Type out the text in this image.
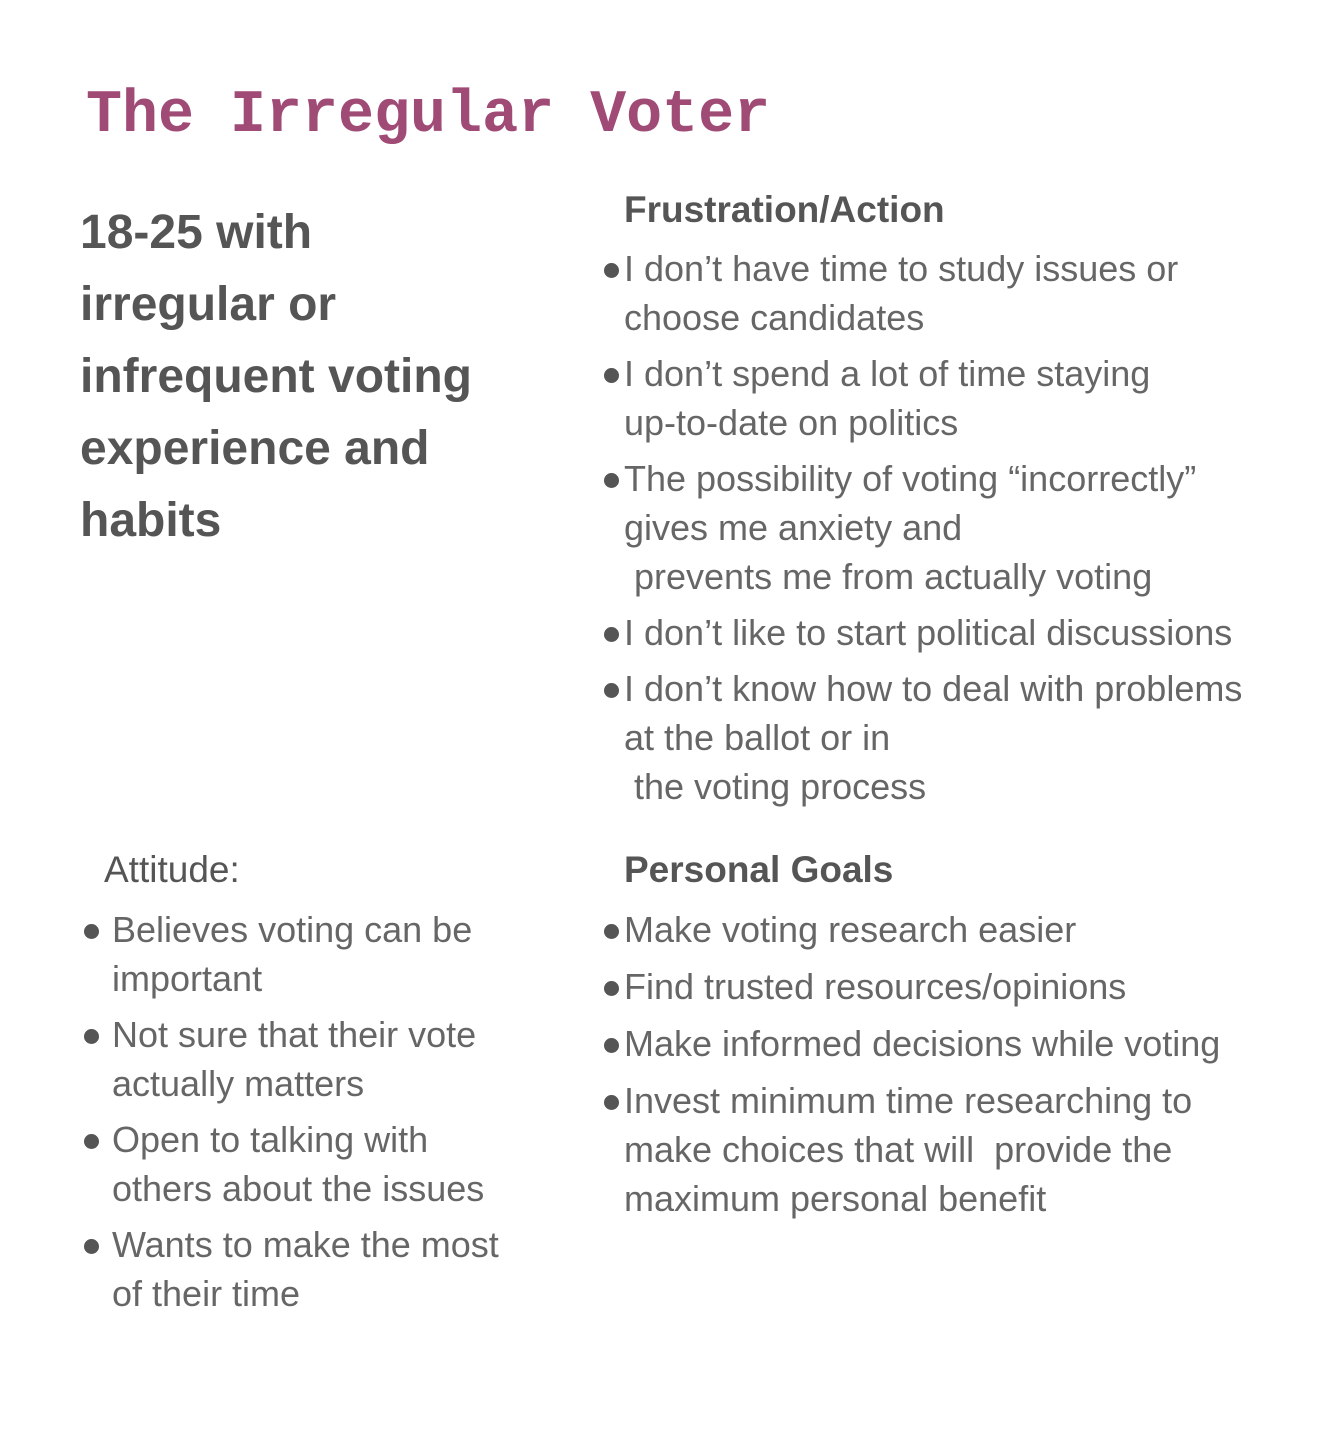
The Irregular Voter

18-25 with irregular or infrequent voting experience and habits

Frustration/Action
I don’t have time to study issues or
choose candidates
I don’t spend a lot of time staying
up-to-date on politics
The possibility of voting “incorrectly”
gives me anxiety and
prevents me from actually voting
I don’t like to start political discussions
I don’t know how to deal with problems
at the ballot or in
the voting process
Attitude:
Believes voting can be
important
Not sure that their vote
actually matters
Open to talking with
others about the issues
Wants to make the most
of their time
Personal Goals
Make voting research easier
Find trusted resources/opinions
Make informed decisions while voting
Invest minimum time researching to
make choices that will  provide the
maximum personal benefit
